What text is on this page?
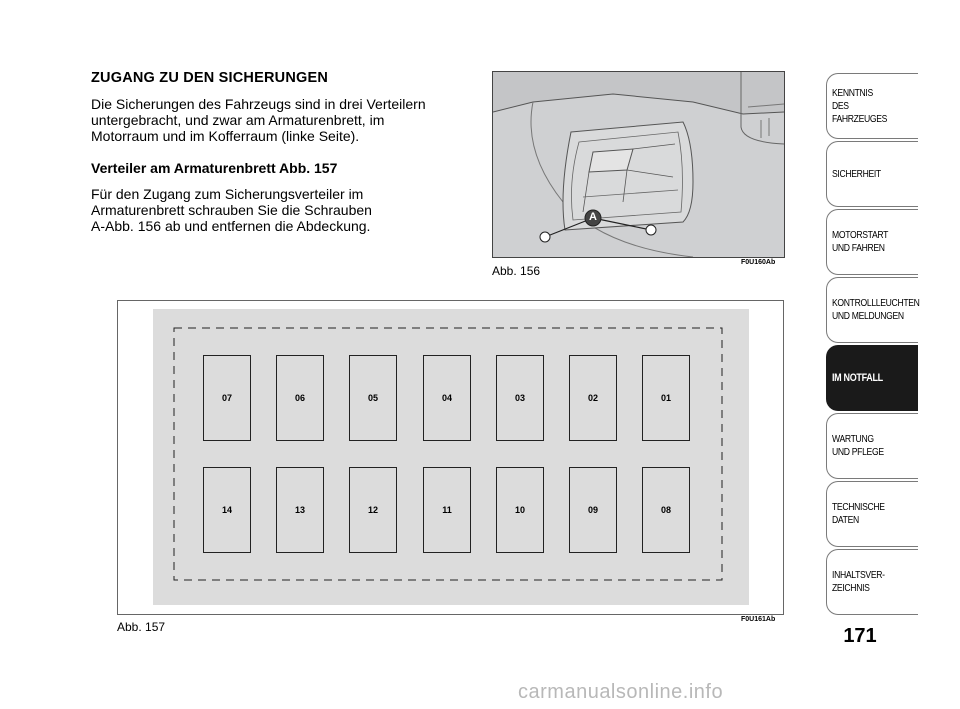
ZUGANG ZU DEN SICHERUNGEN
Die Sicherungen des Fahrzeugs sind in drei Verteilern
untergebracht, und zwar am Armaturenbrett, im
Motorraum und im Kofferraum (linke Seite).
Verteiler am Armaturenbrett Abb. 157
Für den Zugang zum Sicherungsverteiler im
Armaturenbrett schrauben Sie die Schrauben
A-Abb. 156 ab und entfernen die Abdeckung.
A
F0U160Ab
Abb. 156
07	06	05	04	03	02	01
14	13	12	11	10	09	08
F0U161Ab
Abb. 157
KENNTNIS
DES FAHRZEUGES
SICHERHEIT
MOTORSTART
UND FAHREN
KONTROLLLEUCHTEN
UND MELDUNGEN
IM NOTFALL
WARTUNG
UND PFLEGE
TECHNISCHE
DATEN
INHALTSVER-
ZEICHNIS
171
carmanualsonline.info
